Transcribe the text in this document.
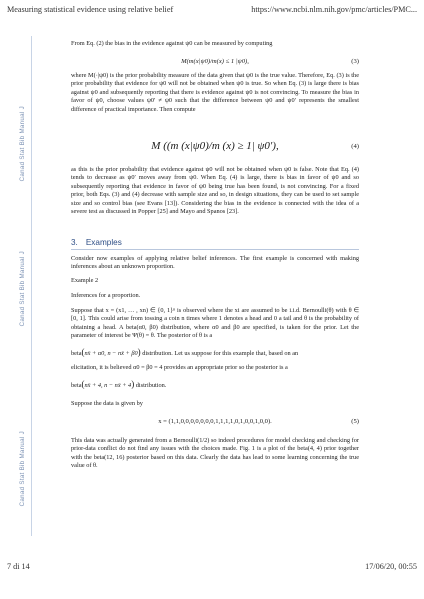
Measuring statistical evidence using relative belief	https://www.ncbi.nlm.nih.gov/pmc/articles/PMC...
Canad Stat Bib Manual J
Canad Stat Bib Manual J
Canad Stat Bib Manual J

From Eq. (2) the bias in the evidence against ψ0 can be measured by computing

M(m(x|ψ0)/m(x) ≤ 1 |ψ0),	(3)

where M(·|ψ0) is the prior probability measure of the data given that ψ0 is the true value. Therefore, Eq. (3) is the prior probability that evidence for ψ0 will not be obtained when ψ0 is true. So when Eq. (3) is large there is bias against ψ0 and subsequently reporting that there is evidence against ψ0 is not convincing. To measure the bias in favor of ψ0, choose values ψ0′ ≠ ψ0 such that the difference between ψ0 and ψ0′ represents the smallest difference of practical importance. Then compute

M ((m (x|ψ0)/m (x) ≥ 1| ψ0′),	(4)

as this is the prior probability that evidence against ψ0 will not be obtained when ψ0 is false. Note that Eq. (4) tends to decrease as ψ0′ moves away from ψ0. When Eq. (4) is large, there is bias in favor of ψ0 and so subsequently reporting that evidence in favor of ψ0 being true has been found, is not convincing. For a fixed prior, both Eqs. (3) and (4) decrease with sample size and so, in design situations, they can be used to set sample size and so control bias (see Evans [13]). Considering the bias in the evidence is connected with the idea of a severe test as discussed in Popper [25] and Mayo and Spanos [23].

3. Examples

Consider now examples of applying relative belief inferences. The first example is concerned with making inferences about an unknown proportion.

Example 2
Inferences for a proportion.

Suppose that x = (x1, … , xn) ∈ {0, 1}ⁿ is observed where the xi are assumed to be i.i.d. Bernoulli(θ) with θ ∈ [0, 1]. This could arise from tossing a coin n times where 1 denotes a head and 0 a tail and θ is the probability of obtaining a head. A beta(α0, β0) distribution, where α0 and β0 are specified, is taken for the prior. Let the parameter of interest be Ψ(θ) = θ. The posterior of θ is a

beta(nx̄ + α0, n − nx̄ + β0) distribution. Let us suppose for this example that, based on an

elicitation, it is believed α0 = β0 = 4 provides an appropriate prior so the posterior is a

beta(nx̄ + 4, n − nx̄ + 4) distribution.
Suppose the data is given by
x = (1,1,0,0,0,0,0,0,0,1,1,1,1,0,1,0,0,1,0,0).	(5)

This data was actually generated from a Bernoulli(1/2) so indeed procedures for model checking and checking for prior-data conflict do not find any issues with the choices made. Fig. 1 is a plot of the beta(4, 4) prior together with the beta(12, 16) posterior based on this data. Clearly the data has lead to some learning concerning the true value of θ.

7 di 14	17/06/20, 00:55
